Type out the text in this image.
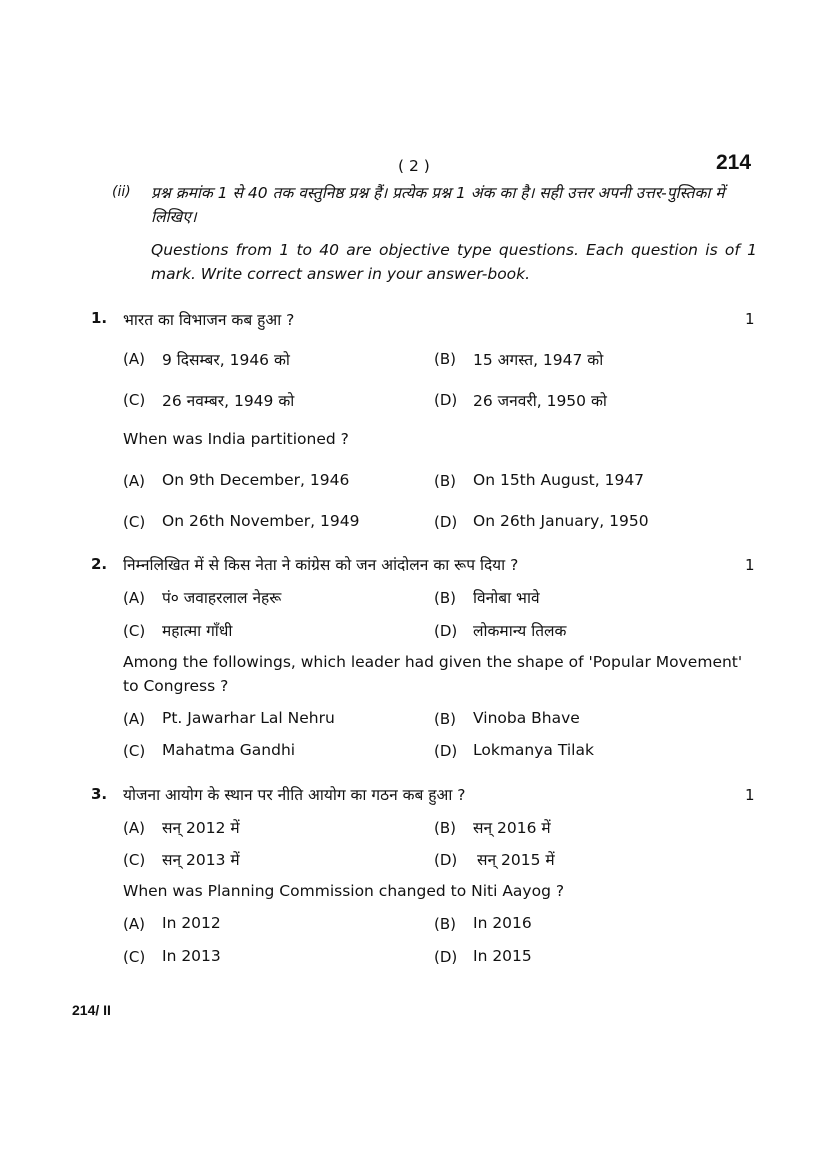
( 2 )	214
(ii) प्रश्न क्रमांक 1 से 40 तक वस्तुनिष्ठ प्रश्न हैं। प्रत्येक प्रश्न 1 अंक का है। सही उत्तर अपनी उत्तर-पुस्तिका में लिखिए।
Questions from 1 to 40 are objective type questions. Each question is of 1 mark. Write correct answer in your answer-book.
1. भारत का विभाजन कब हुआ ?	1
(A) 9 दिसम्बर, 1946 को	(B) 15 अगस्त, 1947 को
(C) 26 नवम्बर, 1949 को	(D) 26 जनवरी, 1950 को
When was India partitioned ?
(A) On 9th December, 1946	(B) On 15th August, 1947
(C) On 26th November, 1949	(D) On 26th January, 1950
2. निम्नलिखित में से किस नेता ने कांग्रेस को जन आंदोलन का रूप दिया ?	1
(A) पं० जवाहरलाल नेहरू	(B) विनोबा भावे
(C) महात्मा गाँधी	(D) लोकमान्य तिलक
Among the followings, which leader had given the shape of 'Popular Movement' to Congress ?
(A) Pt. Jawarhar Lal Nehru	(B) Vinoba Bhave
(C) Mahatma Gandhi	(D) Lokmanya Tilak
3. योजना आयोग के स्थान पर नीति आयोग का गठन कब हुआ ?	1
(A) सन् 2012 में	(B) सन् 2016 में
(C) सन् 2013 में	(D) सन् 2015 में
When was Planning Commission changed to Niti Aayog ?
(A) In 2012	(B) In 2016
(C) In 2013	(D) In 2015
214/ II
